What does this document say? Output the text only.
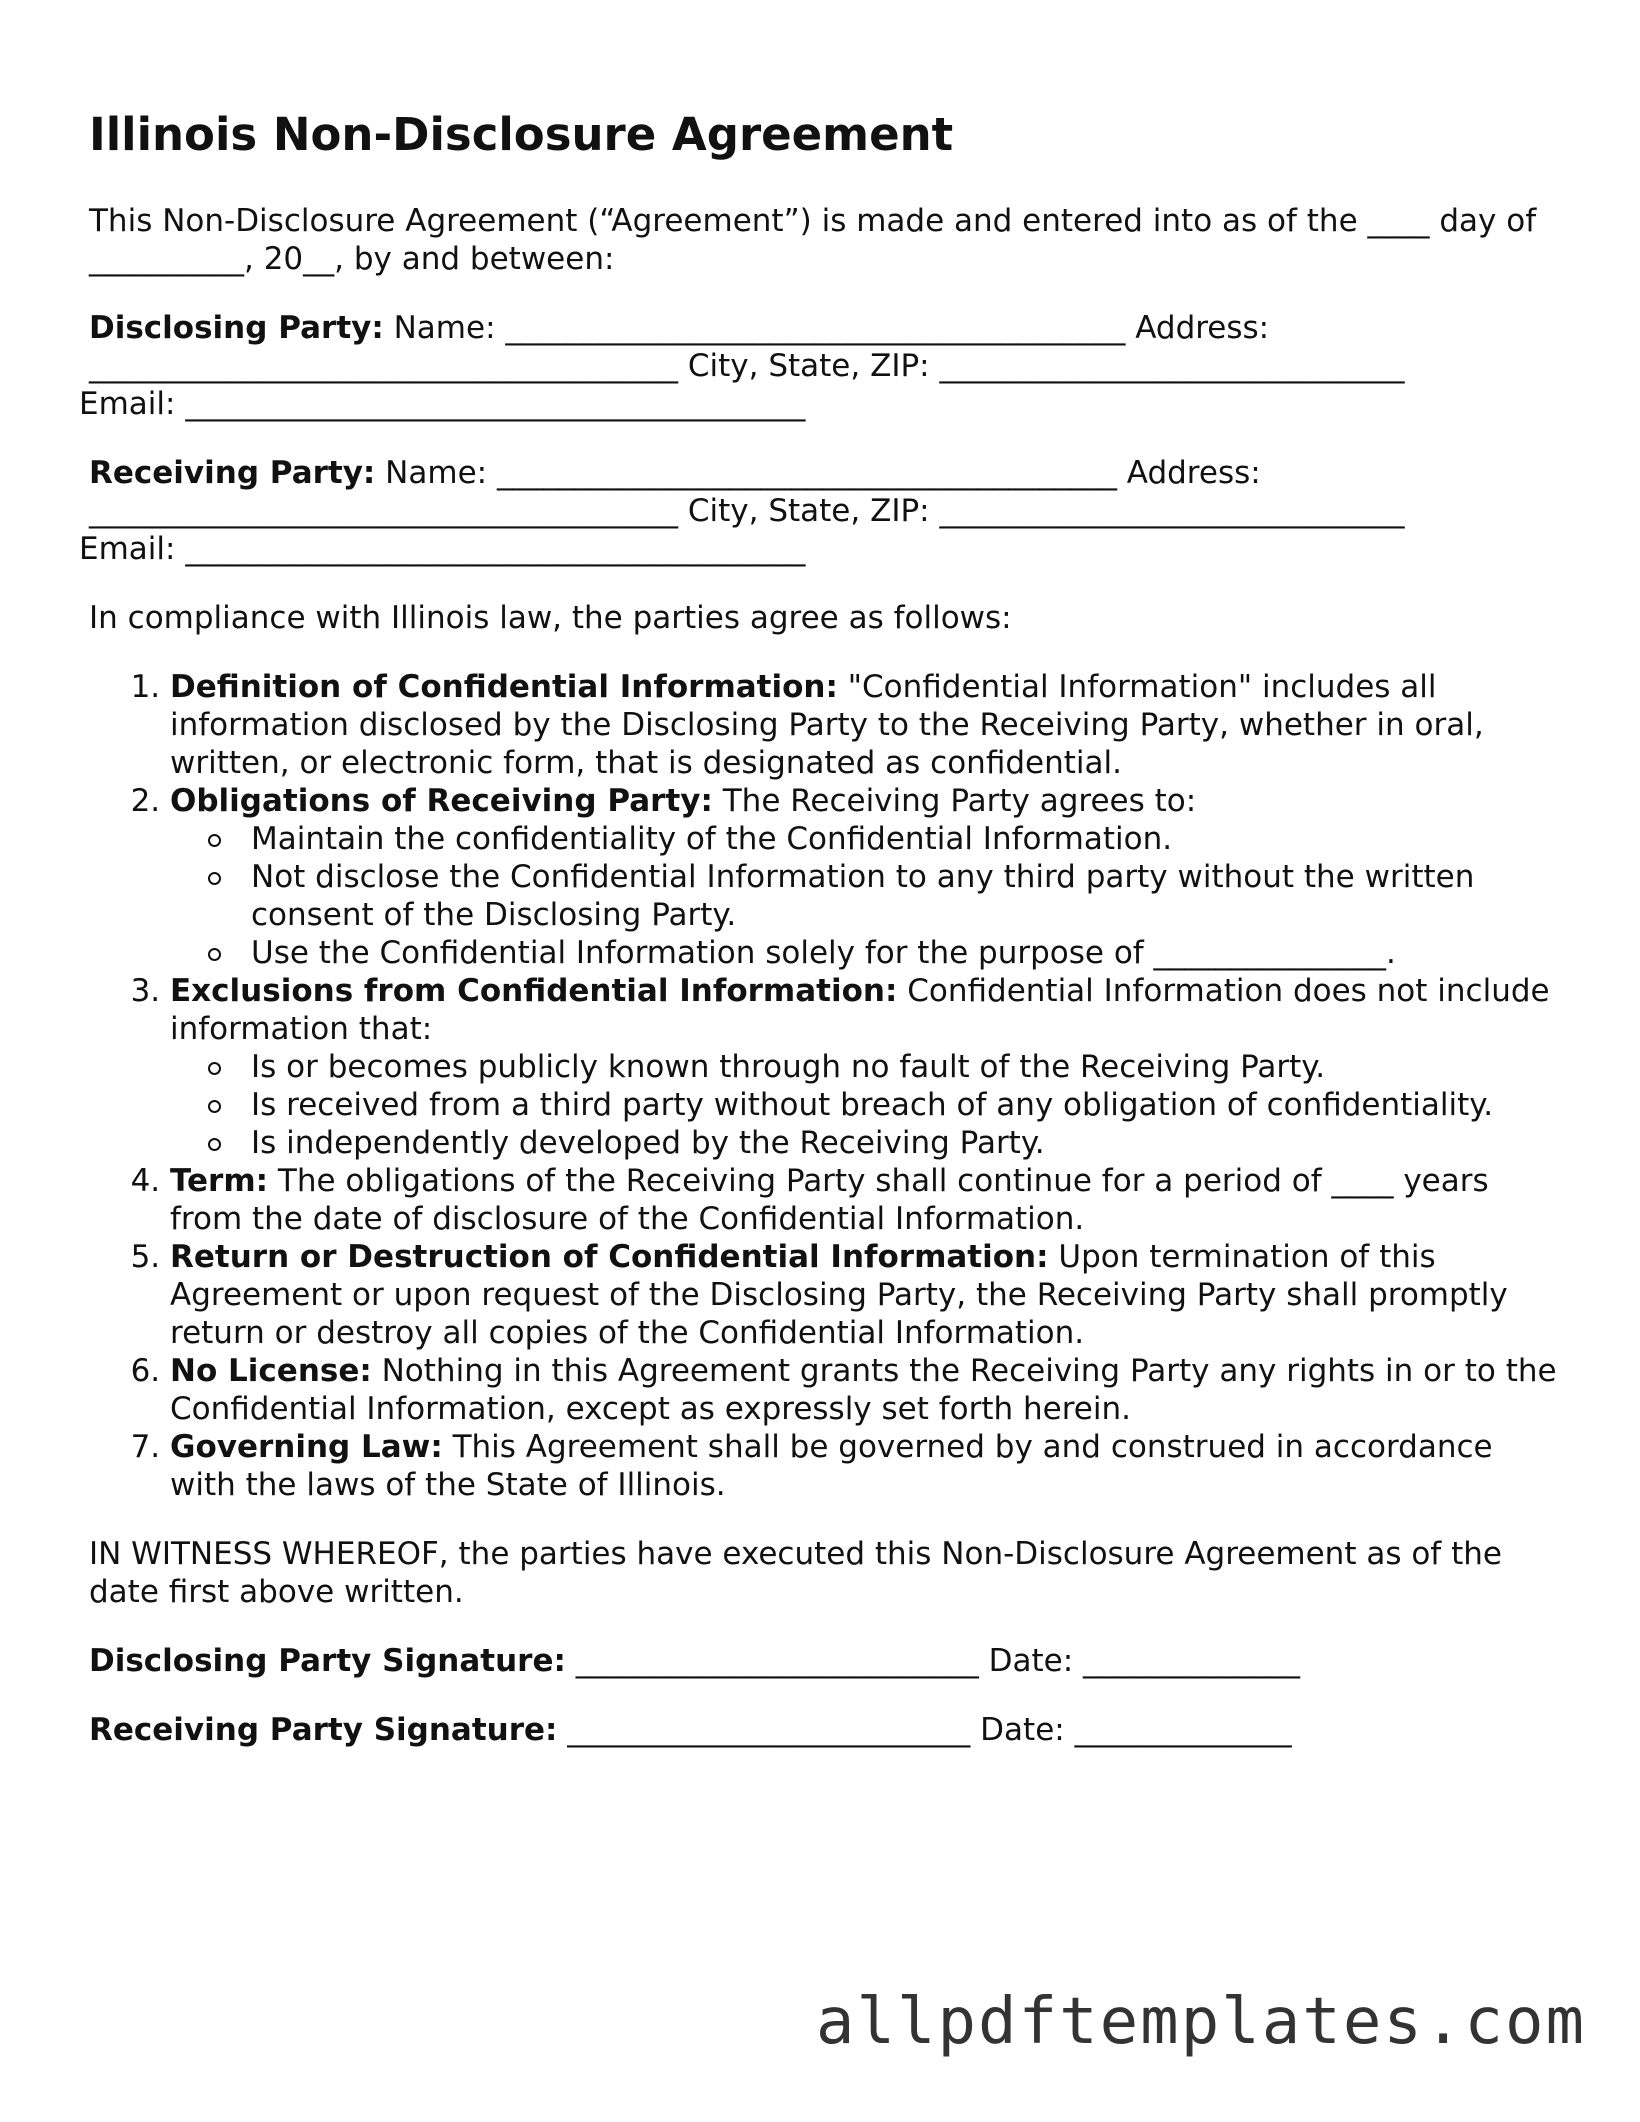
Illinois Non-Disclosure Agreement

This Non-Disclosure Agreement (“Agreement”) is made and entered into as of the ____ day of __________, 20__, by and between:

Disclosing Party: Name: ________________________________________ Address:
______________________________________ City, State, ZIP: ______________________________
Email: ________________________________________

Receiving Party: Name: ________________________________________ Address:
______________________________________ City, State, ZIP: ______________________________
Email: ________________________________________

In compliance with Illinois law, the parties agree as follows:

1. Definition of Confidential Information: "Confidential Information" includes all information disclosed by the Disclosing Party to the Receiving Party, whether in oral, written, or electronic form, that is designated as confidential.
2. Obligations of Receiving Party: The Receiving Party agrees to:
Maintain the confidentiality of the Confidential Information.
Not disclose the Confidential Information to any third party without the written consent of the Disclosing Party.
Use the Confidential Information solely for the purpose of _______________.
3. Exclusions from Confidential Information: Confidential Information does not include information that:
Is or becomes publicly known through no fault of the Receiving Party.
Is received from a third party without breach of any obligation of confidentiality.
Is independently developed by the Receiving Party.
4. Term: The obligations of the Receiving Party shall continue for a period of ____ years from the date of disclosure of the Confidential Information.
5. Return or Destruction of Confidential Information: Upon termination of this Agreement or upon request of the Disclosing Party, the Receiving Party shall promptly return or destroy all copies of the Confidential Information.
6. No License: Nothing in this Agreement grants the Receiving Party any rights in or to the Confidential Information, except as expressly set forth herein.
7. Governing Law: This Agreement shall be governed by and construed in accordance with the laws of the State of Illinois.

IN WITNESS WHEREOF, the parties have executed this Non-Disclosure Agreement as of the date first above written.

Disclosing Party Signature: __________________________ Date: ______________

Receiving Party Signature: __________________________ Date: ______________

allpdftemplates.com
